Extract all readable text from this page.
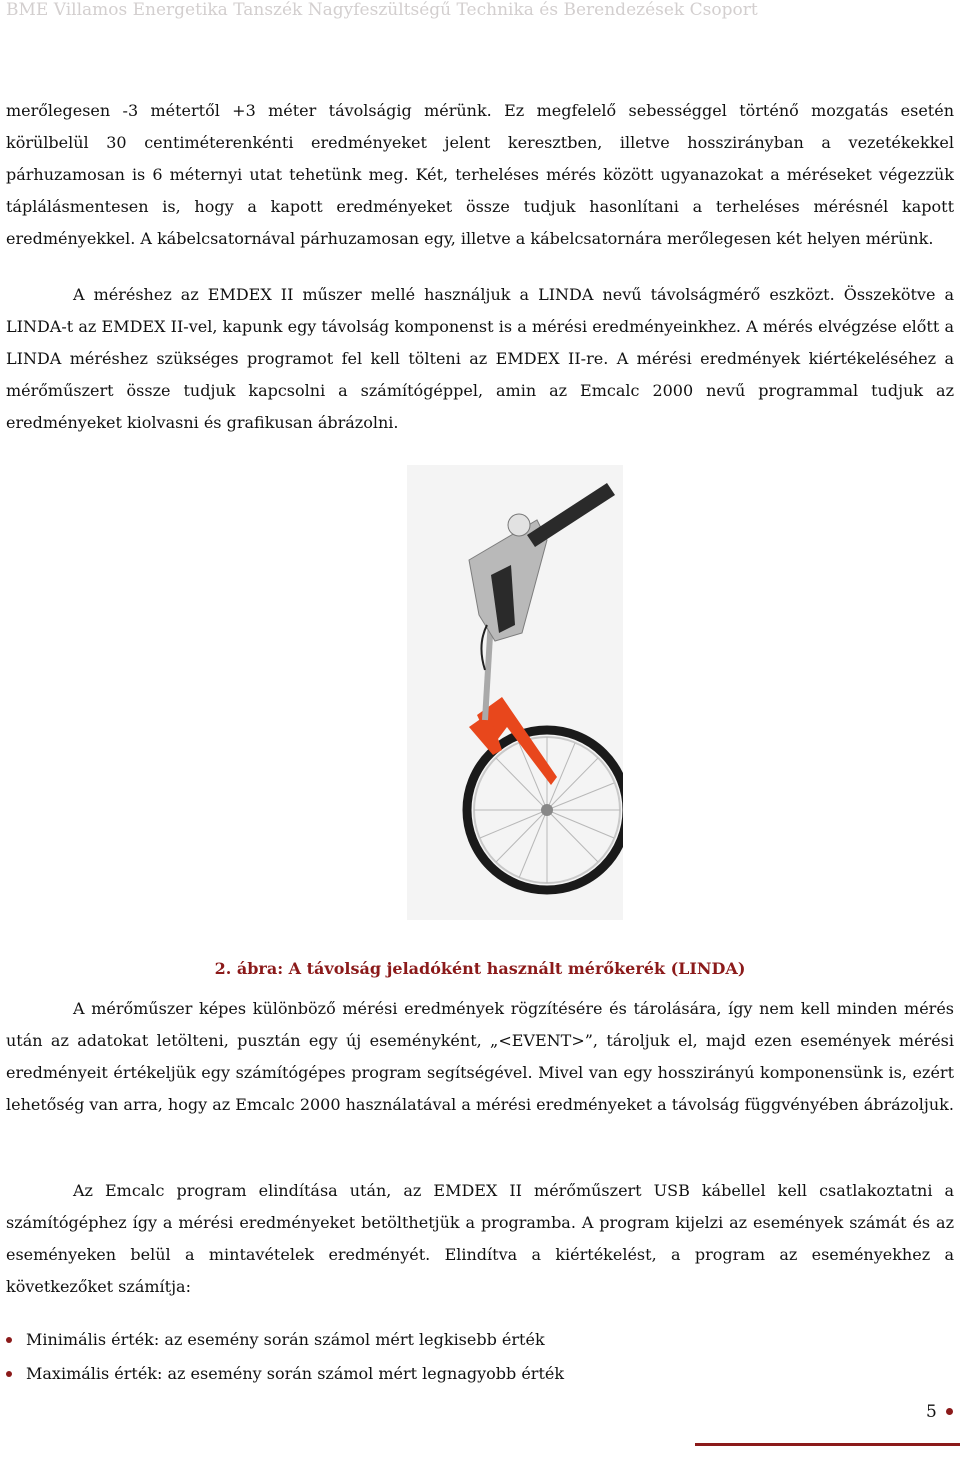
BME Villamos Energetika Tanszék Nagyfeszültségű Technika és Berendezések Csoport

merőlegesen -3 métertől +3 méter távolságig mérünk. Ez megfelelő sebességgel történő mozgatás esetén körülbelül 30 centiméterenkénti eredményeket jelent keresztben, illetve hosszirányban a vezetékekkel párhuzamosan is 6 méternyi utat tehetünk meg. Két, terheléses mérés között ugyanazokat a méréseket végezzük táplálásmentesen is, hogy a kapott eredményeket össze tudjuk hasonlítani a terheléses mérésnél kapott eredményekkel. A kábelcsatornával párhuzamosan egy, illetve a kábelcsatornára merőlegesen két helyen mérünk.

A méréshez az EMDEX II műszer mellé használjuk a LINDA nevű távolságmérő eszközt. Összekötve a LINDA-t az EMDEX II-vel, kapunk egy távolság komponenst is a mérési eredményeinkhez. A mérés elvégzése előtt a LINDA méréshez szükséges programot fel kell tölteni az EMDEX II-re. A mérési eredmények kiértékeléséhez a mérőműszert össze tudjuk kapcsolni a számítógéppel, amin az Emcalc 2000 nevű programmal tudjuk az eredményeket kiolvasni és grafikusan ábrázolni.

2. ábra: A távolság jeladóként használt mérőkerék (LINDA)

A mérőműszer képes különböző mérési eredmények rögzítésére és tárolására, így nem kell minden mérés után az adatokat letölteni, pusztán egy új eseményként, „<EVENT>”, tároljuk el, majd ezen események mérési eredményeit értékeljük egy számítógépes program segítségével. Mivel van egy hosszirányú komponensünk is, ezért lehetőség van arra, hogy az Emcalc 2000 használatával a mérési eredményeket a távolság függvényében ábrázoljuk.

Az Emcalc program elindítása után, az EMDEX II mérőműszert USB kábellel kell csatlakoztatni a számítógéphez így a mérési eredményeket betölthetjük a programba. A program kijelzi az események számát és az eseményeken belül a mintavételek eredményét. Elindítva a kiértékelést, a program az eseményekhez a következőket számítja:

Minimális érték: az esemény során számol mért legkisebb érték
Maximális érték: az esemény során számol mért legnagyobb érték
5
